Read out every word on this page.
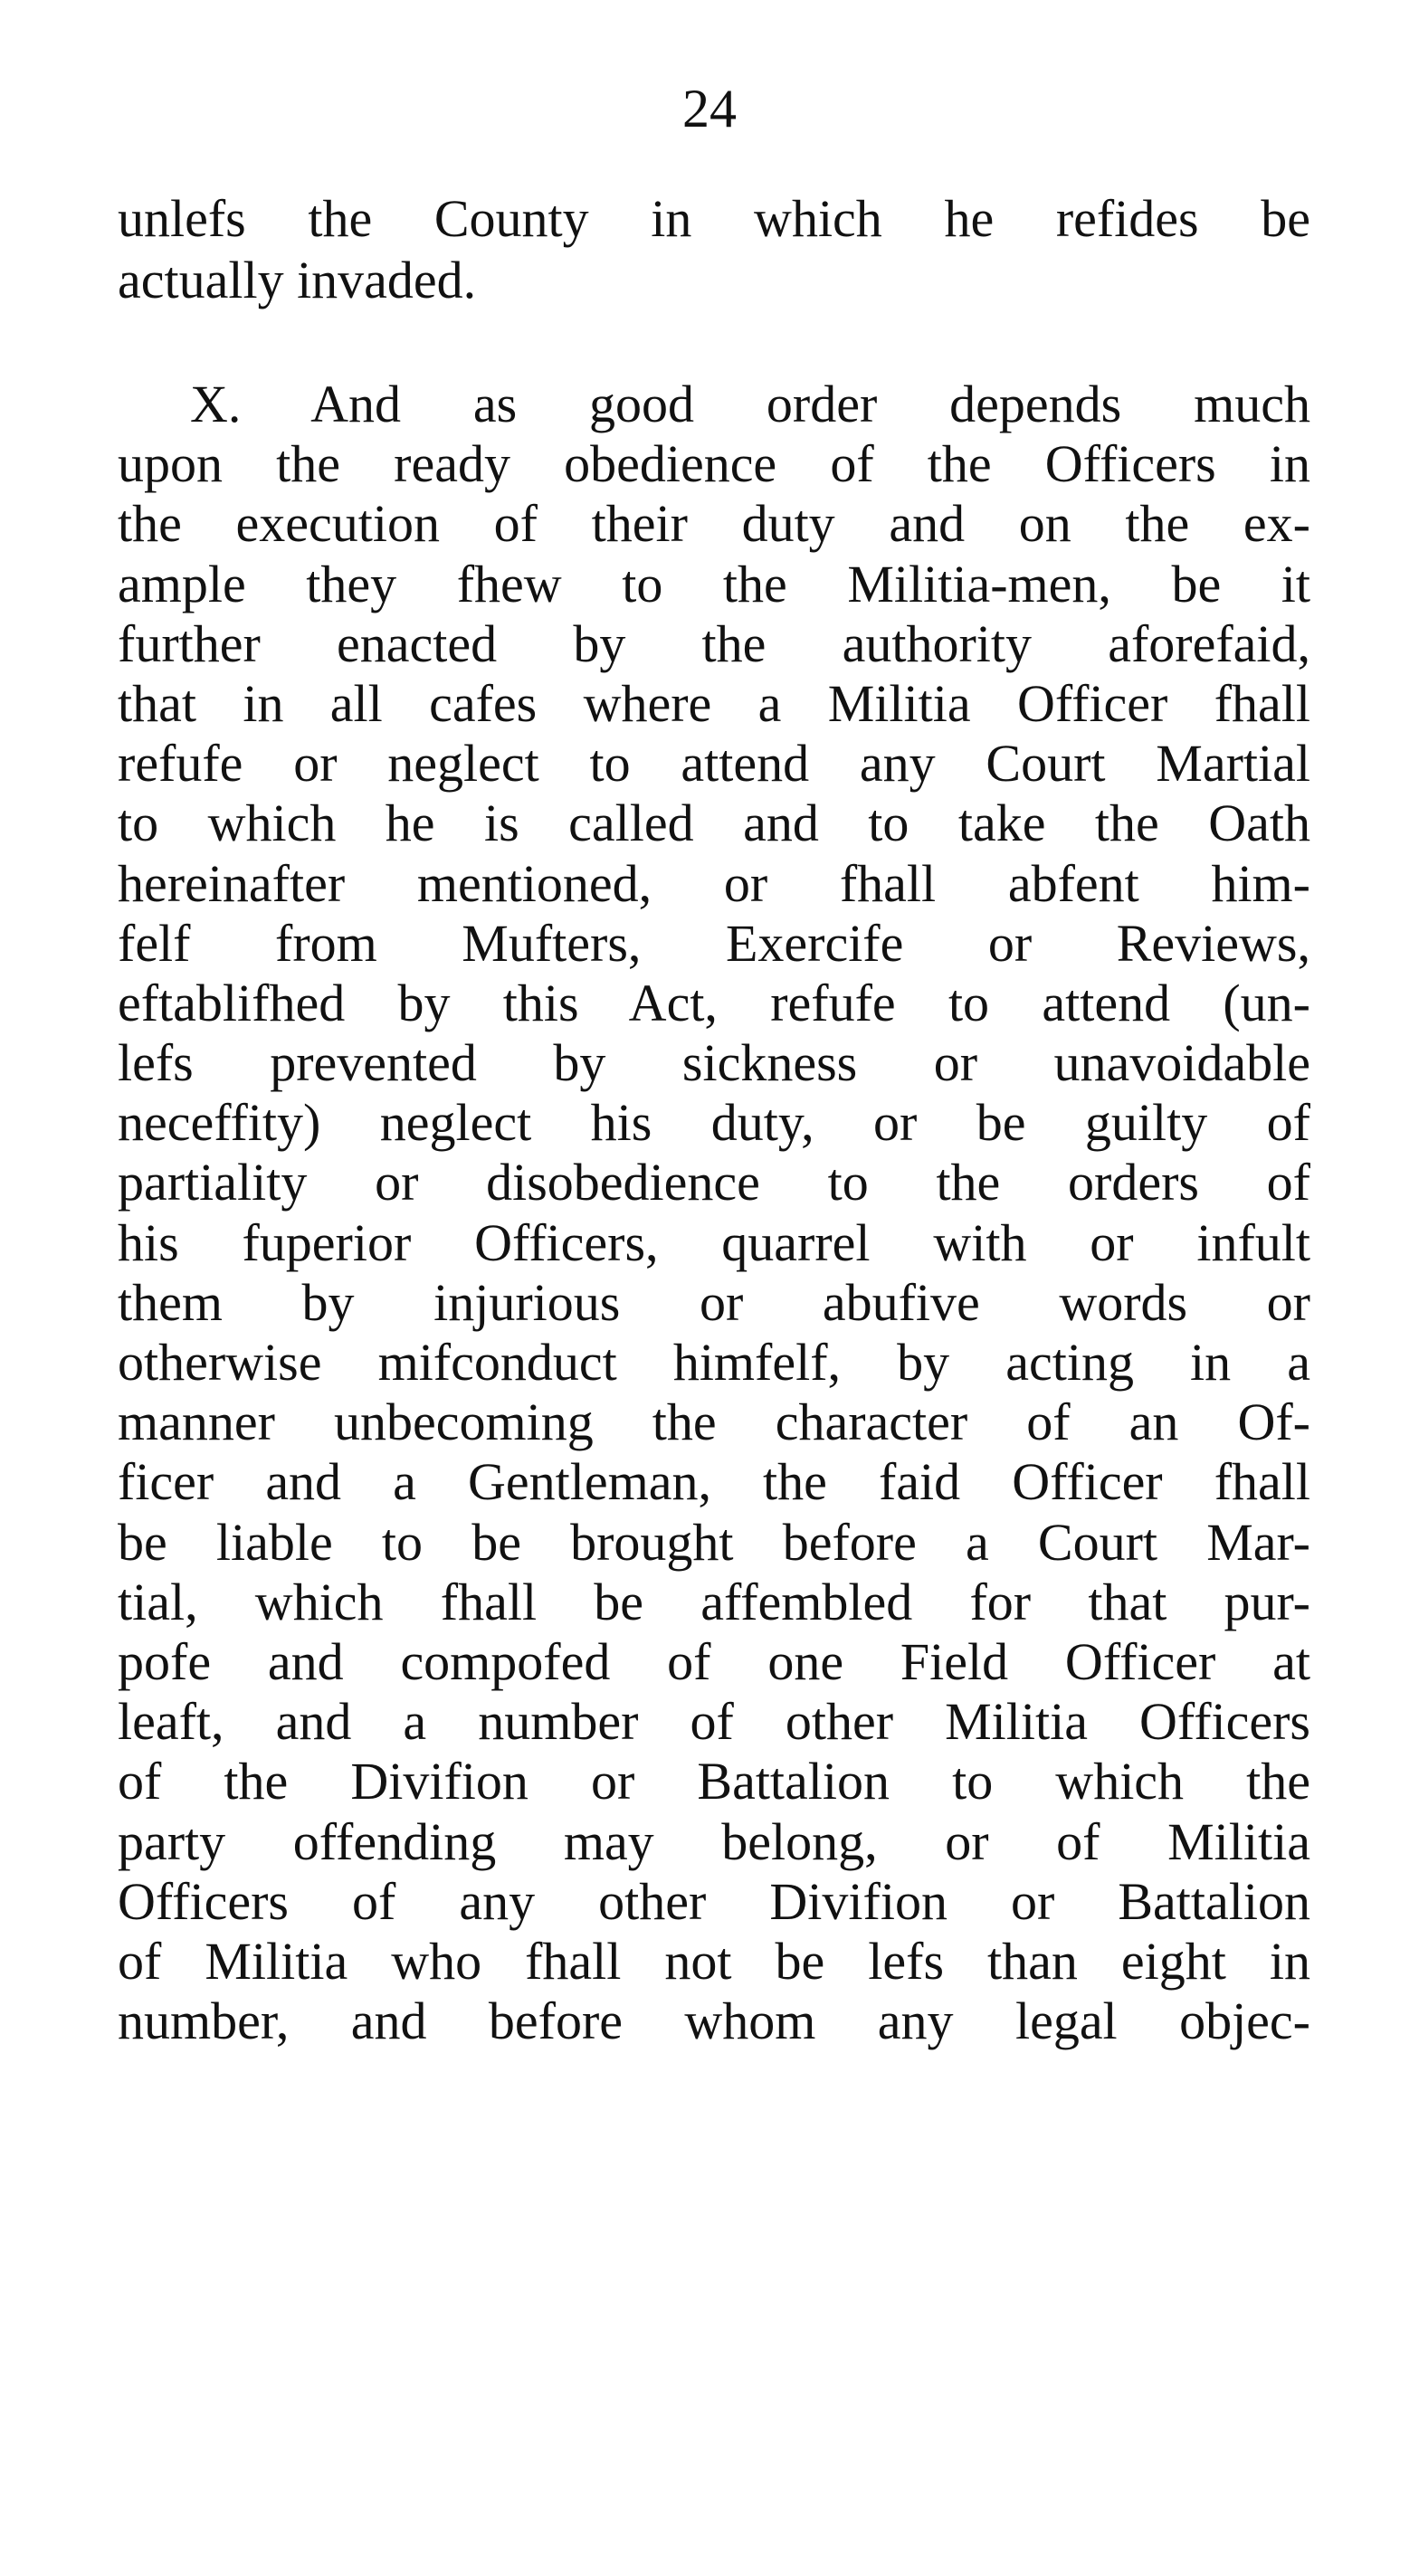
24
unlefs the County in which he refides be
actually invaded.
X. And as good order depends much
upon the ready obedience of the Officers in
the execution of their duty and on the ex-
ample they fhew to the Militia-men, be it
further enacted by the authority aforefaid,
that in all cafes where a Militia Officer fhall
refufe or neglect to attend any Court Martial
to which he is called and to take the Oath
hereinafter mentioned, or fhall abfent him-
felf from Mufters, Exercife or Reviews,
eftablifhed by this Act, refufe to attend (un-
lefs prevented by sickness or unavoidable
neceffity) neglect his duty, or be guilty of
partiality or disobedience to the orders of
his fuperior Officers, quarrel with or infult
them by injurious or abufive words or
otherwise mifconduct himfelf, by acting in a
manner unbecoming the character of an Of-
ficer and a Gentleman, the faid Officer fhall
be liable to be brought before a Court Mar-
tial, which fhall be affembled for that pur-
pofe and compofed of one Field Officer at
leaft, and a number of other Militia Officers
of the Divifion or Battalion to which the
party offending may belong, or of Militia
Officers of any other Divifion or Battalion
of Militia who fhall not be lefs than eight in
number, and before whom any legal objec-
